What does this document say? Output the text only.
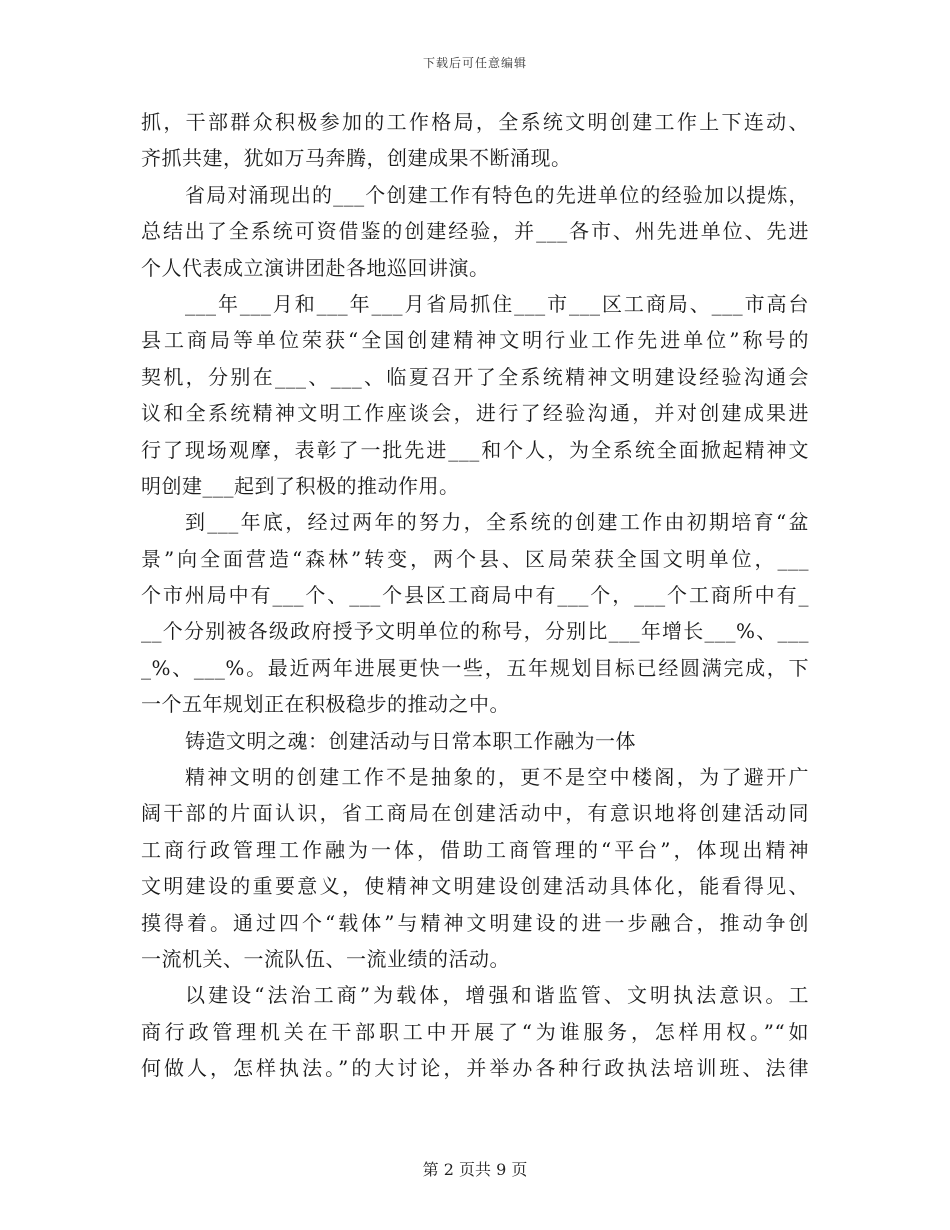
下载后可任意编辑
抓，干部群众积极参加的工作格局，全系统文明创建工作上下连动、
齐抓共建，犹如万马奔腾，创建成果不断涌现。
省局对涌现出的___个创建工作有特色的先进单位的经验加以提炼，
总结出了全系统可资借鉴的创建经验，并___各市、州先进单位、先进
个人代表成立演讲团赴各地巡回讲演。
___年___月和___年___月省局抓住___市___区工商局、___市高台
县工商局等单位荣获“全国创建精神文明行业工作先进单位”称号的
契机，分别在___、___、临夏召开了全系统精神文明建设经验沟通会
议和全系统精神文明工作座谈会，进行了经验沟通，并对创建成果进
行了现场观摩，表彰了一批先进___和个人，为全系统全面掀起精神文
明创建___起到了积极的推动作用。
到___年底，经过两年的努力，全系统的创建工作由初期培育“盆
景”向全面营造“森林”转变，两个县、区局荣获全国文明单位，___
个市州局中有___个、___个县区工商局中有___个，___个工商所中有_
__个分别被各级政府授予文明单位的称号，分别比___年增长___%、___
_%、___%。最近两年进展更快一些，五年规划目标已经圆满完成，下
一个五年规划正在积极稳步的推动之中。
铸造文明之魂：创建活动与日常本职工作融为一体
精神文明的创建工作不是抽象的，更不是空中楼阁，为了避开广
阔干部的片面认识，省工商局在创建活动中，有意识地将创建活动同
工商行政管理工作融为一体，借助工商管理的“平台”，体现出精神
文明建设的重要意义，使精神文明建设创建活动具体化，能看得见、
摸得着。通过四个“载体”与精神文明建设的进一步融合，推动争创
一流机关、一流队伍、一流业绩的活动。
以建设“法治工商”为载体，增强和谐监管、文明执法意识。工
商行政管理机关在干部职工中开展了“为谁服务，怎样用权。”“如
何做人，怎样执法。”的大讨论，并举办各种行政执法培训班、法律
第 2 页共 9 页
